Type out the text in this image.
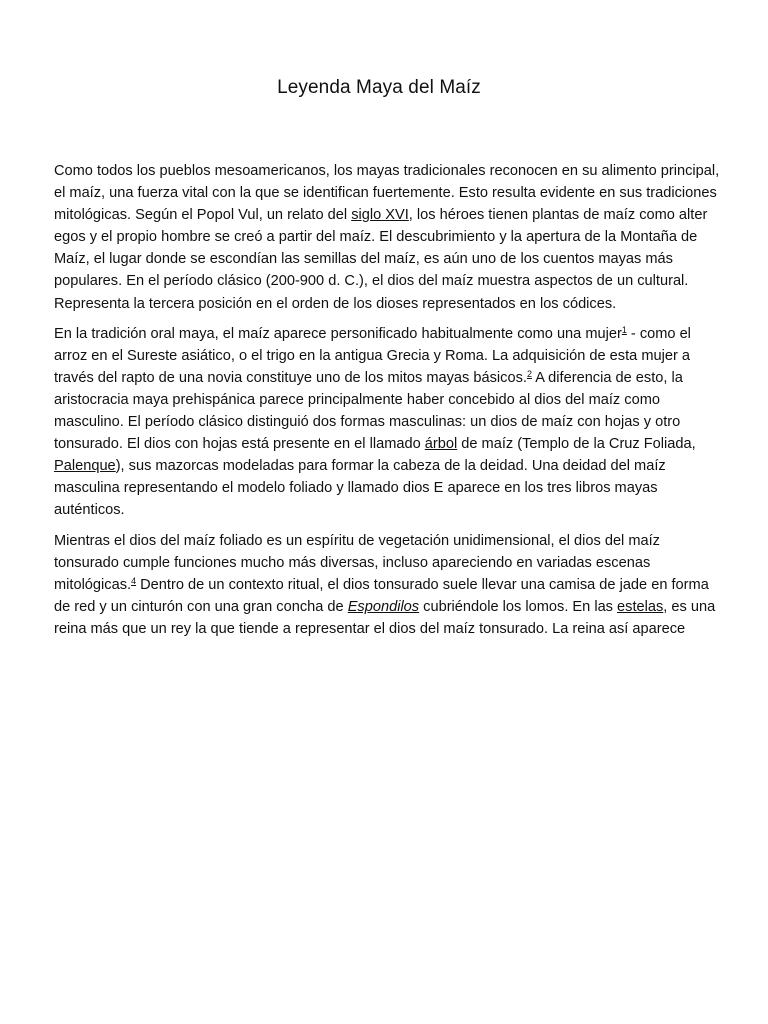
Leyenda Maya del Maíz

Como todos los pueblos mesoamericanos, los mayas tradicionales reconocen en su alimento principal, el maíz, una fuerza vital con la que se identifican fuertemente. Esto resulta evidente en sus tradiciones mitológicas. Según el Popol Vul, un relato del siglo XVI, los héroes tienen plantas de maíz como alter egos y el propio hombre se creó a partir del maíz. El descubrimiento y la apertura de la Montaña de Maíz, el lugar donde se escondían las semillas del maíz, es aún uno de los cuentos mayas más populares. En el período clásico (200-900 d. C.), el dios del maíz muestra aspectos de un cultural. Representa la tercera posición en el orden de los dioses representados en los códices.

En la tradición oral maya, el maíz aparece personificado habitualmente como una mujer$^1$ - como el arroz en el Sureste asiático, o el trigo en la antigua Grecia y Roma. La adquisición de esta mujer a través del rapto de una novia constituye uno de los mitos mayas básicos.$^2$ A diferencia de esto, la aristocracia maya prehispánica parece principalmente haber concebido al dios del maíz como masculino. El período clásico distinguió dos formas masculinas: un dios de maíz con hojas y otro tonsurado. El dios con hojas está presente en el llamado árbol de maíz (Templo de la Cruz Foliada, Palenque), sus mazorcas modeladas para formar la cabeza de la deidad. Una deidad del maíz masculina representando el modelo foliado y llamado dios E aparece en los tres libros mayas auténticos.

Mientras el dios del maíz foliado es un espíritu de vegetación unidimensional, el dios del maíz tonsurado cumple funciones mucho más diversas, incluso apareciendo en variadas escenas mitológicas.$^4$ Dentro de un contexto ritual, el dios tonsurado suele llevar una camisa de jade en forma de red y un cinturón con una gran concha de Espondilos cubriéndole los lomos. En las estelas, es una reina más que un rey la que tiende a representar el dios del maíz tonsurado. La reina así aparece
